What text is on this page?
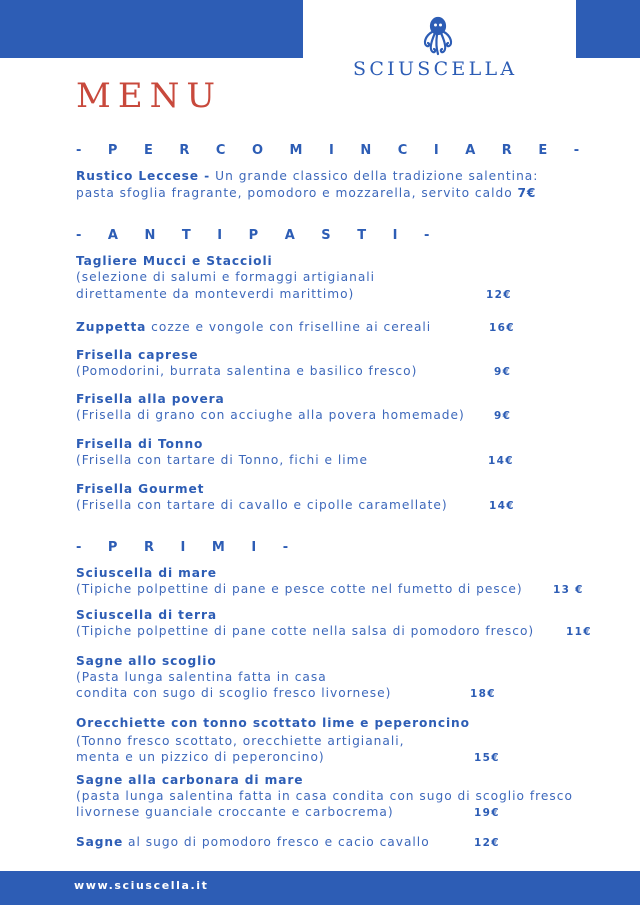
SCIUSCELLA
MENU
- P E R C O M I N C I A R E -
Rustico Leccese - Un grande classico della tradizione salentina:
pasta sfoglia fragrante, pomodoro e mozzarella, servito caldo 7€
- A N T I P A S T I -
Tagliere Mucci e Staccioli
(selezione di salumi e formaggi artigianali
direttamente da monteverdi marittimo)	12€
Zuppetta cozze e vongole con friselline ai cereali	16€
Frisella caprese
(Pomodorini, burrata salentina e basilico fresco)	9€
Frisella alla povera
(Frisella di grano con acciughe alla povera homemade)	9€
Frisella di Tonno
(Frisella con tartare di Tonno, fichi e lime	14€
Frisella Gourmet
(Frisella con tartare di cavallo e cipolle caramellate)	14€
- P R I M I -
Sciuscella di mare
(Tipiche polpettine di pane e pesce cotte nel fumetto di pesce)	13 €
Sciuscella di terra
(Tipiche polpettine di pane cotte nella salsa di pomodoro fresco)	11€
Sagne allo scoglio
(Pasta lunga salentina fatta in casa
condita con sugo di scoglio fresco livornese)	18€
Orecchiette con tonno scottato lime e peperoncino
(Tonno fresco scottato, orecchiette artigianali,
menta e un pizzico di peperoncino)	15€
Sagne alla carbonara di mare
(pasta lunga salentina fatta in casa condita con sugo di scoglio fresco
livornese guanciale croccante e carbocrema)	19€
Sagne al sugo di pomodoro fresco e cacio cavallo	12€
www.sciuscella.it
